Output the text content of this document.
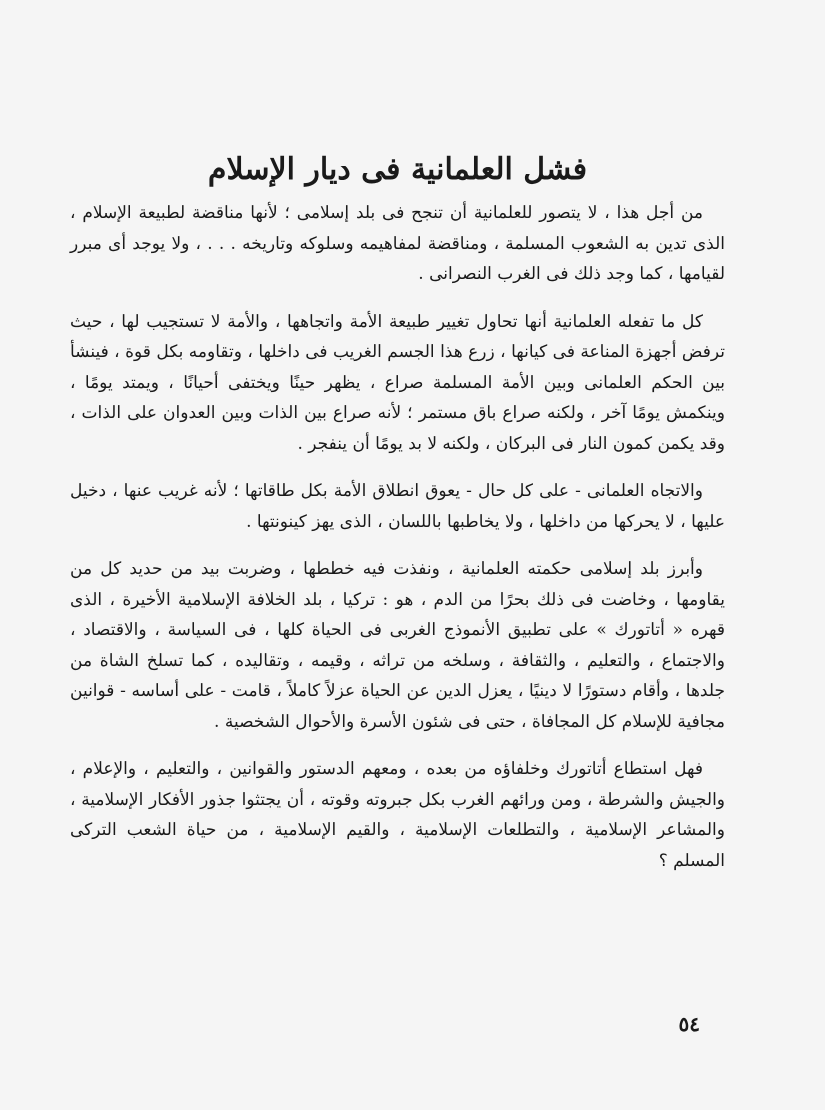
فشل العلمانية فى ديار الإسلام

من أجل هذا ، لا يتصور للعلمانية أن تنجح فى بلد إسلامى ؛ لأنها مناقضة لطبيعة الإسلام ، الذى تدين به الشعوب المسلمة ، ومناقضة لمفاهيمه وسلوكه وتاريخه . . . ، ولا يوجد أى مبرر لقيامها ، كما وجد ذلك فى الغرب النصرانى .

كل ما تفعله العلمانية أنها تحاول تغيير طبيعة الأمة واتجاهها ، والأمة لا تستجيب لها ، حيث ترفض أجهزة المناعة فى كيانها ، زرع هذا الجسم الغريب فى داخلها ، وتقاومه بكل قوة ، فينشأ بين الحكم العلمانى وبين الأمة المسلمة صراع ، يظهر حينًا ويختفى أحيانًا ، ويمتد يومًا ، وينكمش يومًا آخر ، ولكنه صراع باق مستمر ؛ لأنه صراع بين الذات وبين العدوان على الذات ، وقد يكمن كمون النار فى البركان ، ولكنه لا بد يومًا أن ينفجر .

والاتجاه العلمانى - على كل حال - يعوق انطلاق الأمة بكل طاقاتها ؛ لأنه غريب عنها ، دخيل عليها ، لا يحركها من داخلها ، ولا يخاطبها باللسان ، الذى يهز كينونتها .

وأبرز بلد إسلامى حكمته العلمانية ، ونفذت فيه خططها ، وضربت بيد من حديد كل من يقاومها ، وخاضت فى ذلك بحرًا من الدم ، هو : تركيا ، بلد الخلافة الإسلامية الأخيرة ، الذى قهره « أتاتورك » على تطبيق الأنموذج الغربى فى الحياة كلها ، فى السياسة ، والاقتصاد ، والاجتماع ، والتعليم ، والثقافة ، وسلخه من تراثه ، وقيمه ، وتقاليده ، كما تسلخ الشاة من جلدها ، وأقام دستورًا لا دينيًا ، يعزل الدين عن الحياة عزلاً كاملاً ، قامت - على أساسه - قوانين مجافية للإسلام كل المجافاة ، حتى فى شئون الأسرة والأحوال الشخصية .

فهل استطاع أتاتورك وخلفاؤه من بعده ، ومعهم الدستور والقوانين ، والتعليم ، والإعلام ، والجيش والشرطة ، ومن ورائهم الغرب بكل جبروته وقوته ، أن يجتثوا جذور الأفكار الإسلامية ، والمشاعر الإسلامية ، والتطلعات الإسلامية ، والقيم الإسلامية ، من حياة الشعب التركى المسلم ؟

٥٤
